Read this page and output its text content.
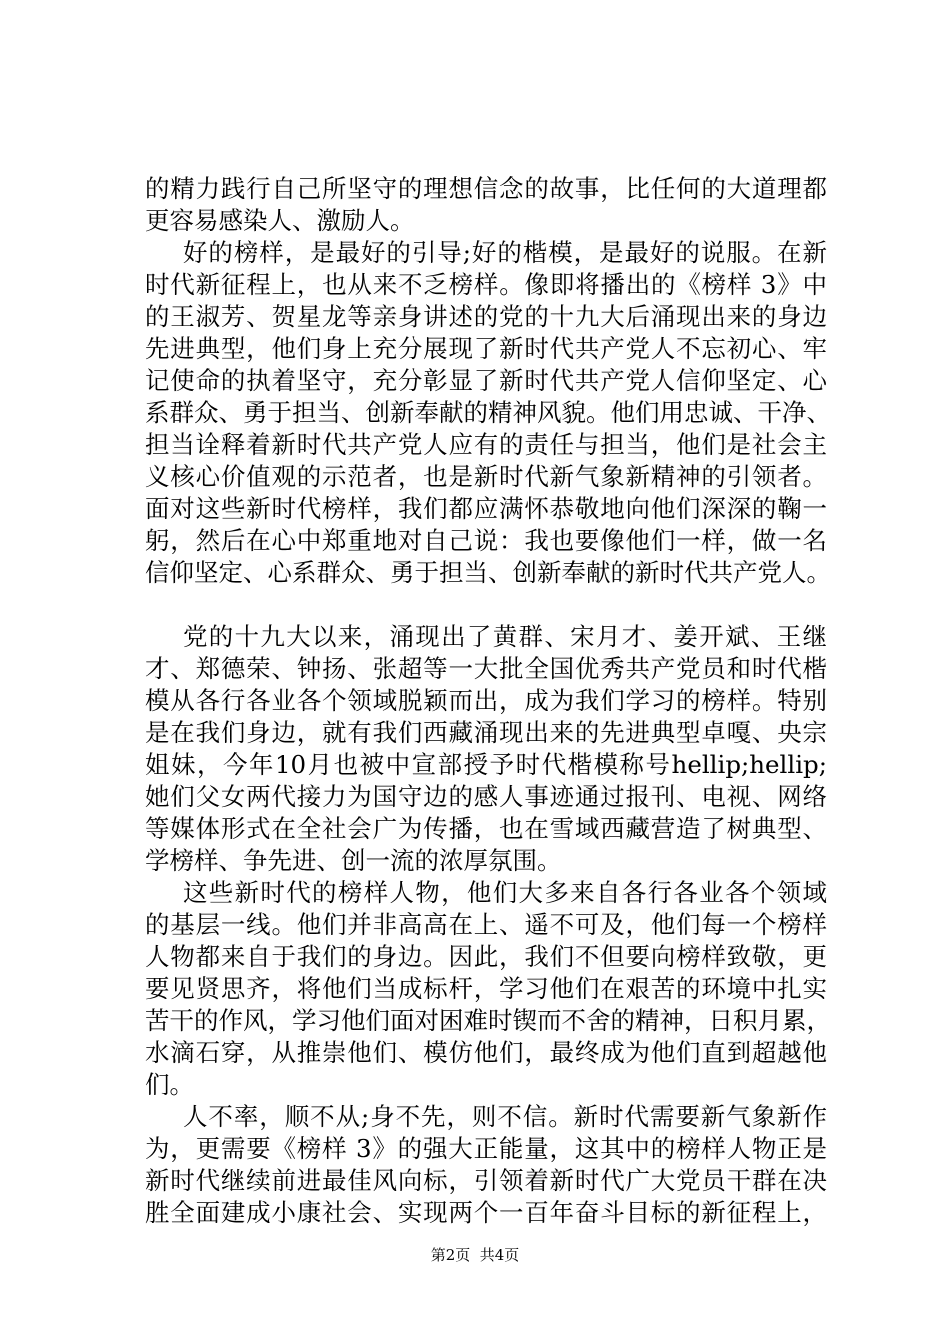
的精力践行自己所坚守的理想信念的故事，比任何的大道理都
更容易感染人、激励人。
好的榜样，是最好的引导;好的楷模，是最好的说服。在新
时代新征程上，也从来不乏榜样。像即将播出的《榜样 3》中
的王淑芳、贺星龙等亲身讲述的党的十九大后涌现出来的身边
先进典型，他们身上充分展现了新时代共产党人不忘初心、牢
记使命的执着坚守，充分彰显了新时代共产党人信仰坚定、心
系群众、勇于担当、创新奉献的精神风貌。他们用忠诚、干净、
担当诠释着新时代共产党人应有的责任与担当，他们是社会主
义核心价值观的示范者，也是新时代新气象新精神的引领者。
面对这些新时代榜样，我们都应满怀恭敬地向他们深深的鞠一
躬，然后在心中郑重地对自己说：我也要像他们一样，做一名
信仰坚定、心系群众、勇于担当、创新奉献的新时代共产党人。
党的十九大以来，涌现出了黄群、宋月才、姜开斌、王继
才、郑德荣、钟扬、张超等一大批全国优秀共产党员和时代楷
模从各行各业各个领域脱颖而出，成为我们学习的榜样。特别
是在我们身边，就有我们西藏涌现出来的先进典型卓嘎、央宗
姐妹，今年10月也被中宣部授予时代楷模称号hellip;hellip;
她们父女两代接力为国守边的感人事迹通过报刊、电视、网络
等媒体形式在全社会广为传播，也在雪域西藏营造了树典型、
学榜样、争先进、创一流的浓厚氛围。
这些新时代的榜样人物，他们大多来自各行各业各个领域
的基层一线。他们并非高高在上、遥不可及，他们每一个榜样
人物都来自于我们的身边。因此，我们不但要向榜样致敬，更
要见贤思齐，将他们当成标杆，学习他们在艰苦的环境中扎实
苦干的作风，学习他们面对困难时锲而不舍的精神，日积月累，
水滴石穿，从推崇他们、模仿他们，最终成为他们直到超越他
们。
人不率，顺不从;身不先，则不信。新时代需要新气象新作
为，更需要《榜样 3》的强大正能量，这其中的榜样人物正是
新时代继续前进最佳风向标，引领着新时代广大党员干群在决
胜全面建成小康社会、实现两个一百年奋斗目标的新征程上，
第2页  共4页
